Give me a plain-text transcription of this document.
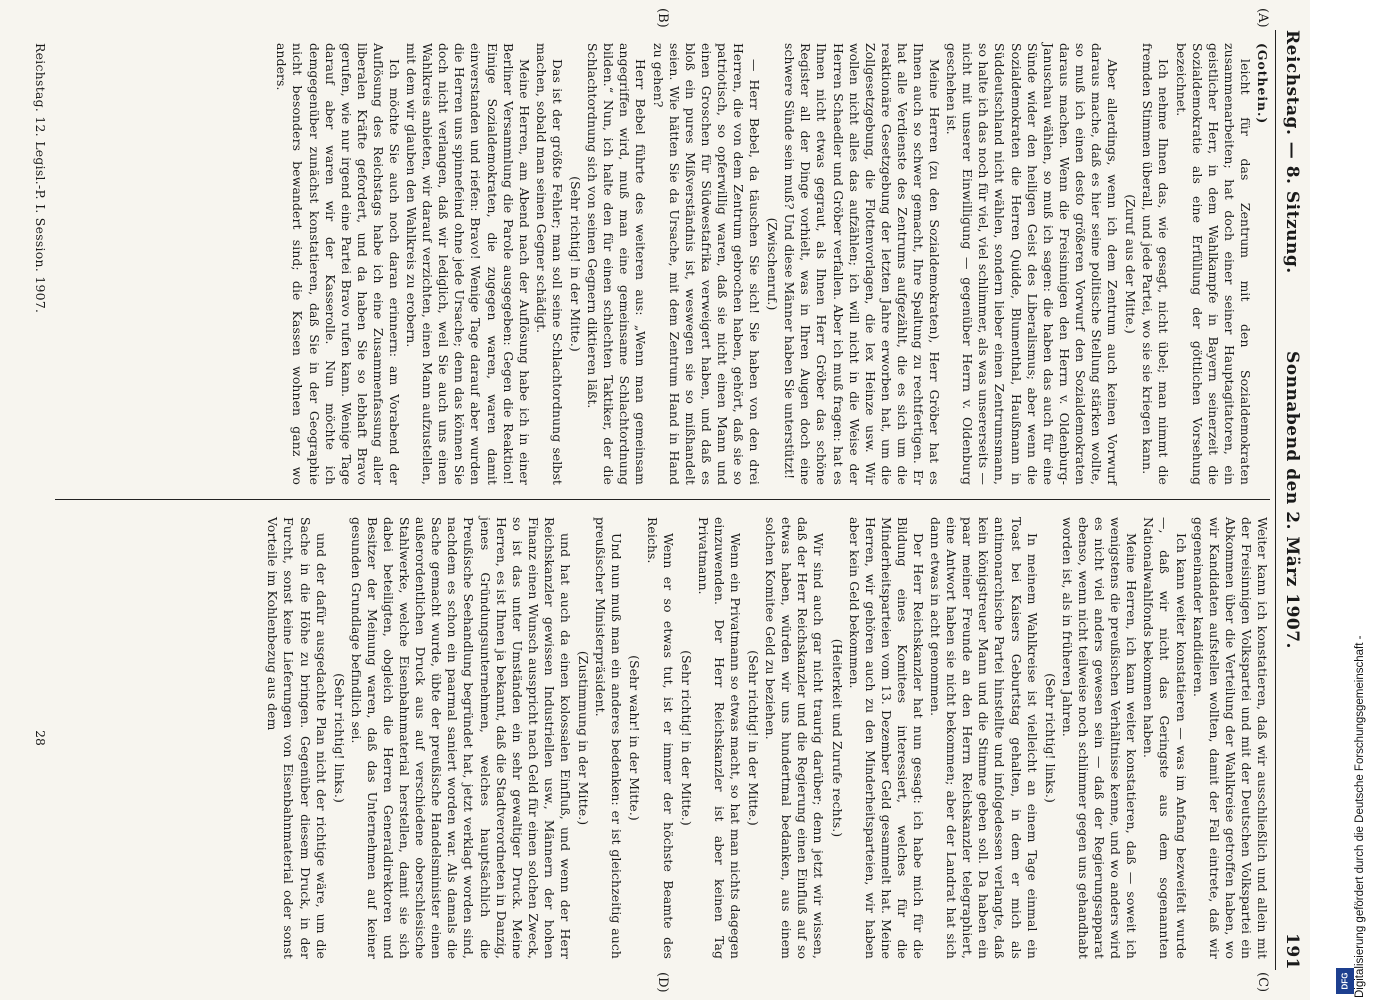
Reichstag. — 8. Sitzung.
Sonnabend den 2. März 1907.
191
(A)
(B)
(C)
(D)

(Gothein.)

leicht für das Zentrum mit den Sozialdemokraten zusammenarbeiten; hat doch einer seiner Hauptagitatoren, ein geistlicher Herr, in dem Wahlkampfe in Bayern seinerzeit die Sozialdemokratie als eine Erfüllung der göttlichen Vorsehung bezeichnet.

Ich nehme Ihnen das, wie gesagt, nicht übel; man nimmt die fremden Stimmen überall, und jede Partei, wo sie sie kriegen kann.

(Zuruf aus der Mitte.)

Aber allerdings, wenn ich dem Zentrum auch keinen Vorwurf daraus mache, daß es hier seine politische Stellung stärken wollte, so muß ich einen desto größeren Vorwurf den Sozialdemokraten daraus machen. Wenn die Freisinnigen den Herrn v. Oldenburg-Januschau wählen, so muß ich sagen: die haben das auch für eine Sünde wider den heiligen Geist des Liberalismus; aber wenn die Sozialdemokraten die Herren Quidde, Blumenthal, Haußmann in Süddeutschland nicht wählen, sondern lieber einen Zentrumsmann, so halte ich das noch für viel, viel schlimmer, als was unsererseits — nicht mit unserer Einwilligung — gegenüber Herrn v. Oldenburg geschehen ist.

Meine Herren (zu den Sozialdemokraten), Herr Gröber hat es Ihnen auch so schwer gemacht, Ihre Spaltung zu rechtfertigen. Er hat alle Verdienste des Zentrums aufgezählt, die es sich um die reaktionäre Gesetzgebung der letzten Jahre erworben hat, um die Zollgesetzgebung, die Flottenvorlagen, die lex Heinze usw. Wir wollen nicht alles das aufzählen; ich will nicht in die Weise der Herren Schaedler und Gröber verfallen. Aber ich muß fragen: hat es Ihnen nicht etwas gegraut, als Ihnen Herr Gröber das schöne Register all der Dinge vorhielt, was in Ihren Augen doch eine schwere Sünde sein muß? Und diese Männer haben Sie unterstützt!

(Zwischenruf.)

— Herr Bebel, da täuschen Sie sich! Sie haben von den drei Herren, die von dem Zentrum gebrochen haben, gehört, daß sie so patriotisch, so opferwillig waren, daß sie nicht einen Mann und einen Groschen für Südwestafrika verweigert haben, und daß es bloß ein pures Mißverständnis ist, weswegen sie so mißhandelt seien. Wie hätten Sie da Ursache, mit dem Zentrum Hand in Hand zu gehen?

Herr Bebel führte des weiteren aus: „Wenn man gemeinsam angegriffen wird, muß man eine gemeinsame Schlachtordnung bilden.“ Nun, ich halte den für einen schlechten Taktiker, der die Schlachtordnung sich von seinen Gegnern diktieren läßt.

(Sehr richtig! in der Mitte.)

Das ist der größte Fehler; man soll seine Schlachtordnung selbst machen, sobald man seinen Gegner schädigt.

Meine Herren, am Abend nach der Auflösung habe ich in einer Berliner Versammlung die Parole ausgegeben: Gegen die Reaktion! Einige Sozialdemokraten, die zugegen waren, waren damit einverstanden und riefen: Bravo! Wenige Tage darauf aber wurden die Herren uns spinnefeind ohne jede Ursache; denn das können Sie doch nicht verlangen, daß wir lediglich, weil Sie auch uns einen Wahlkreis anbieten, wir darauf verzichten, einen Mann aufzustellen, mit dem wir glauben den Wahlkreis zu erobern.

Ich möchte Sie auch noch daran erinnern: am Vorabend der Auflösung des Reichstags habe ich eine Zusammenfassung aller liberalen Kräfte gefordert, und da haben Sie so lebhaft Bravo gerufen, wie nur irgend eine Partei Bravo rufen kann. Wenige Tage darauf aber waren wir der Kasserolle. Nun möchte ich demgegenüber zunächst konstatieren, daß Sie in der Geographie nicht besonders bewandert sind; die Kassen wohnen ganz wo anders.

Weiter kann ich konstatieren, daß wir ausschließlich und allein mit der Freisinnigen Volkspartei und mit der Deutschen Volkspartei ein Abkommen über die Verteilung der Wahlkreise getroffen haben, wo wir Kandidaten aufstellen wollten, damit der Fall eintrete, daß wir gegeneinander kandidieren.

Ich kann weiter konstatieren — was im Anfang bezweifelt wurde —, daß wir nicht das Geringste aus dem sogenannten Nationalwahlfonds bekommen haben.

Meine Herren, ich kann weiter konstatieren, daß — soweit ich wenigstens die preußischen Verhältnisse kenne, und wo anders wird es nicht viel anders gewesen sein — daß der Regierungsapparat ebenso, wenn nicht teilweise noch schlimmer gegen uns gehandhabt worden ist, als in früheren Jahren.

(Sehr richtig! links.)

In meinem Wahlkreise ist vielleicht an einem Tage einmal ein Toast bei Kaisers Geburtstag gehalten, in dem er mich als antimonarchische Partei hinstellte und infolgedessen verlangte, daß kein königstreuer Mann und die Stimme geben soll. Da haben ein paar meiner Freunde an den Herrn Reichskanzler telegraphiert, eine Antwort haben sie nicht bekommen; aber der Landrat hat sich dann etwas in acht genommen.

Der Herr Reichskanzler hat nun gesagt: ich habe mich für die Bildung eines Komitees interessiert, welches für die Minderheitsparteien vom 13. Dezember Geld gesammelt hat. Meine Herren, wir gehören auch zu den Minderheitsparteien, wir haben aber kein Geld bekommen.

(Heiterkeit und Zurufe rechts.)

Wir sind auch gar nicht traurig darüber; denn jetzt wir wissen, daß der Herr Reichskanzler und die Regierung einen Einfluß auf so etwas haben, würden wir uns hundertmal bedanken, aus einem solchen Komitee Geld zu beziehen.

(Sehr richtig! in der Mitte.)

Wenn ein Privatmann so etwas macht, so hat man nichts dagegen einzuwenden. Der Herr Reichskanzler ist aber keinen Tag Privatmann.

(Sehr richtig! in der Mitte.)

Wenn er so etwas tut, ist er immer der höchste Beamte des Reichs.

(Sehr wahr! in der Mitte.)

Und nun muß man ein anderes bedenken: er ist gleichzeitig auch preußischer Ministerpräsident.

(Zustimmung in der Mitte.)

und hat auch da einen kolossalen Einfluß, und wenn der Herr Reichskanzler gewissen Industriellen usw., Männern der hohen Finanz einen Wunsch ausspricht nach Geld für einen solchen Zweck, so ist das unter Umständen ein sehr gewaltiger Druck. Meine Herren, es ist Ihnen ja bekannt, daß die Stadtverordneten in Danzig, jenes Gründungsunternehmen, welches hauptsächlich die Preußische Seehandlung begründet hat, jetzt verklagt worden sind, nachdem es schon ein paarmal saniert worden war. Als damals die Sache gemacht wurde, übte der preußische Handelsminister einen außerordentlichen Druck aus auf verschiedene oberschlesische Stahlwerke, welche Eisenbahnmaterial herstellen, damit sie sich dabei beteiligten, obgleich die Herren Generaldirektoren und Besitzer der Meinung waren, daß das Unternehmen auf keiner gesunden Grundlage befindlich sei.

(Sehr richtig! links.)

und der dafür ausgedachte Plan nicht der richtige wäre, um die Sache in die Höhe zu bringen. Gegenüber diesem Druck, in der Furcht, sonst keine Lieferungen von Eisenbahnmaterial oder sonst Vorteile im Kohlenbezug aus dem

Reichstag. 12. Legisl.-P. I. Session. 1907.
28	Digitalisierung gefördert durch die Deutsche Forschungsgemeinschaft -
DFG
